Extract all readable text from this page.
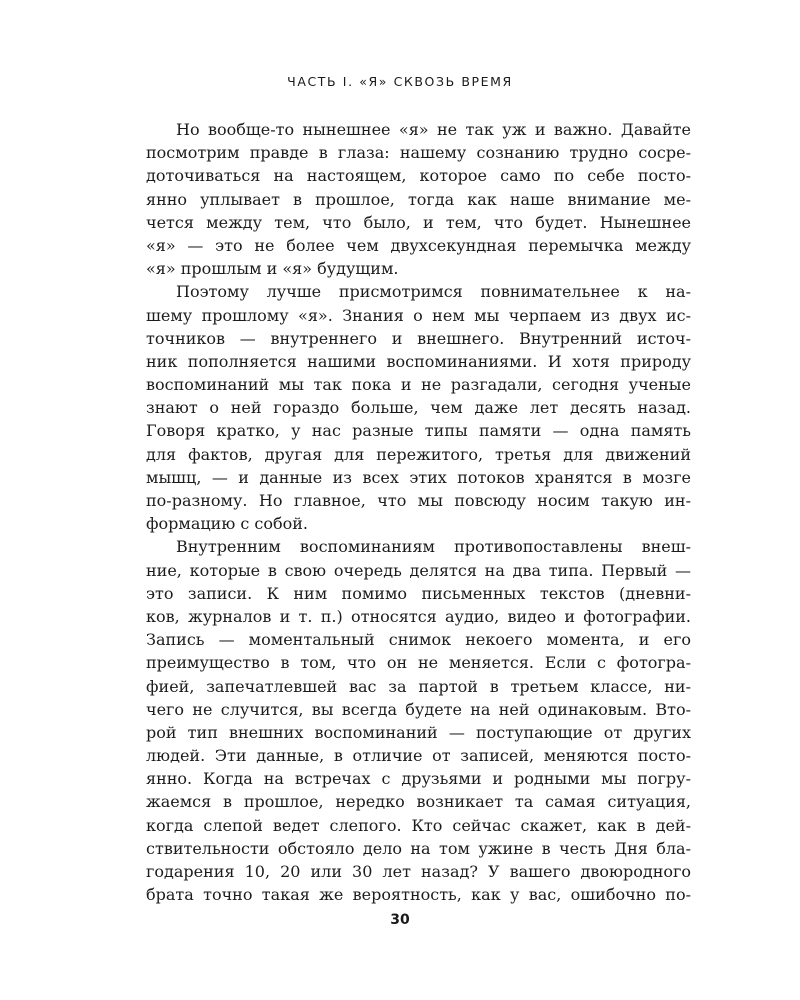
ЧАСТЬ I. «Я» СКВОЗЬ ВРЕМЯ
Но вообще-то нынешнее «я» не так уж и важно. Давайте
посмотрим правде в глаза: нашему сознанию трудно сосре-
доточиваться на настоящем, которое само по себе посто-
янно уплывает в прошлое, тогда как наше внимание ме-
чется между тем, что было, и тем, что будет. Нынешнее
«я» — это не более чем двухсекундная перемычка между
«я» прошлым и «я» будущим.
Поэтому лучше присмотримся повнимательнее к на-
шему прошлому «я». Знания о нем мы черпаем из двух ис-
точников — внутреннего и внешнего. Внутренний источ-
ник пополняется нашими воспоминаниями. И хотя природу
воспоминаний мы так пока и не разгадали, сегодня ученые
знают о ней гораздо больше, чем даже лет десять назад.
Говоря кратко, у нас разные типы памяти — одна память
для фактов, другая для пережитого, третья для движений
мышц, — и данные из всех этих потоков хранятся в мозге
по-разному. Но главное, что мы повсюду носим такую ин-
формацию с собой.
Внутренним воспоминаниям противопоставлены внеш-
ние, которые в свою очередь делятся на два типа. Первый —
это записи. К ним помимо письменных текстов (дневни-
ков, журналов и т. п.) относятся аудио, видео и фотографии.
Запись — моментальный снимок некоего момента, и его
преимущество в том, что он не меняется. Если с фотогра-
фией, запечатлевшей вас за партой в третьем классе, ни-
чего не случится, вы всегда будете на ней одинаковым. Вто-
рой тип внешних воспоминаний — поступающие от других
людей. Эти данные, в отличие от записей, меняются посто-
янно. Когда на встречах с друзьями и родными мы погру-
жаемся в прошлое, нередко возникает та самая ситуация,
когда слепой ведет слепого. Кто сейчас скажет, как в дей-
ствительности обстояло дело на том ужине в честь Дня бла-
годарения 10, 20 или 30 лет назад? У вашего двоюродного
брата точно такая же вероятность, как у вас, ошибочно по-
30
